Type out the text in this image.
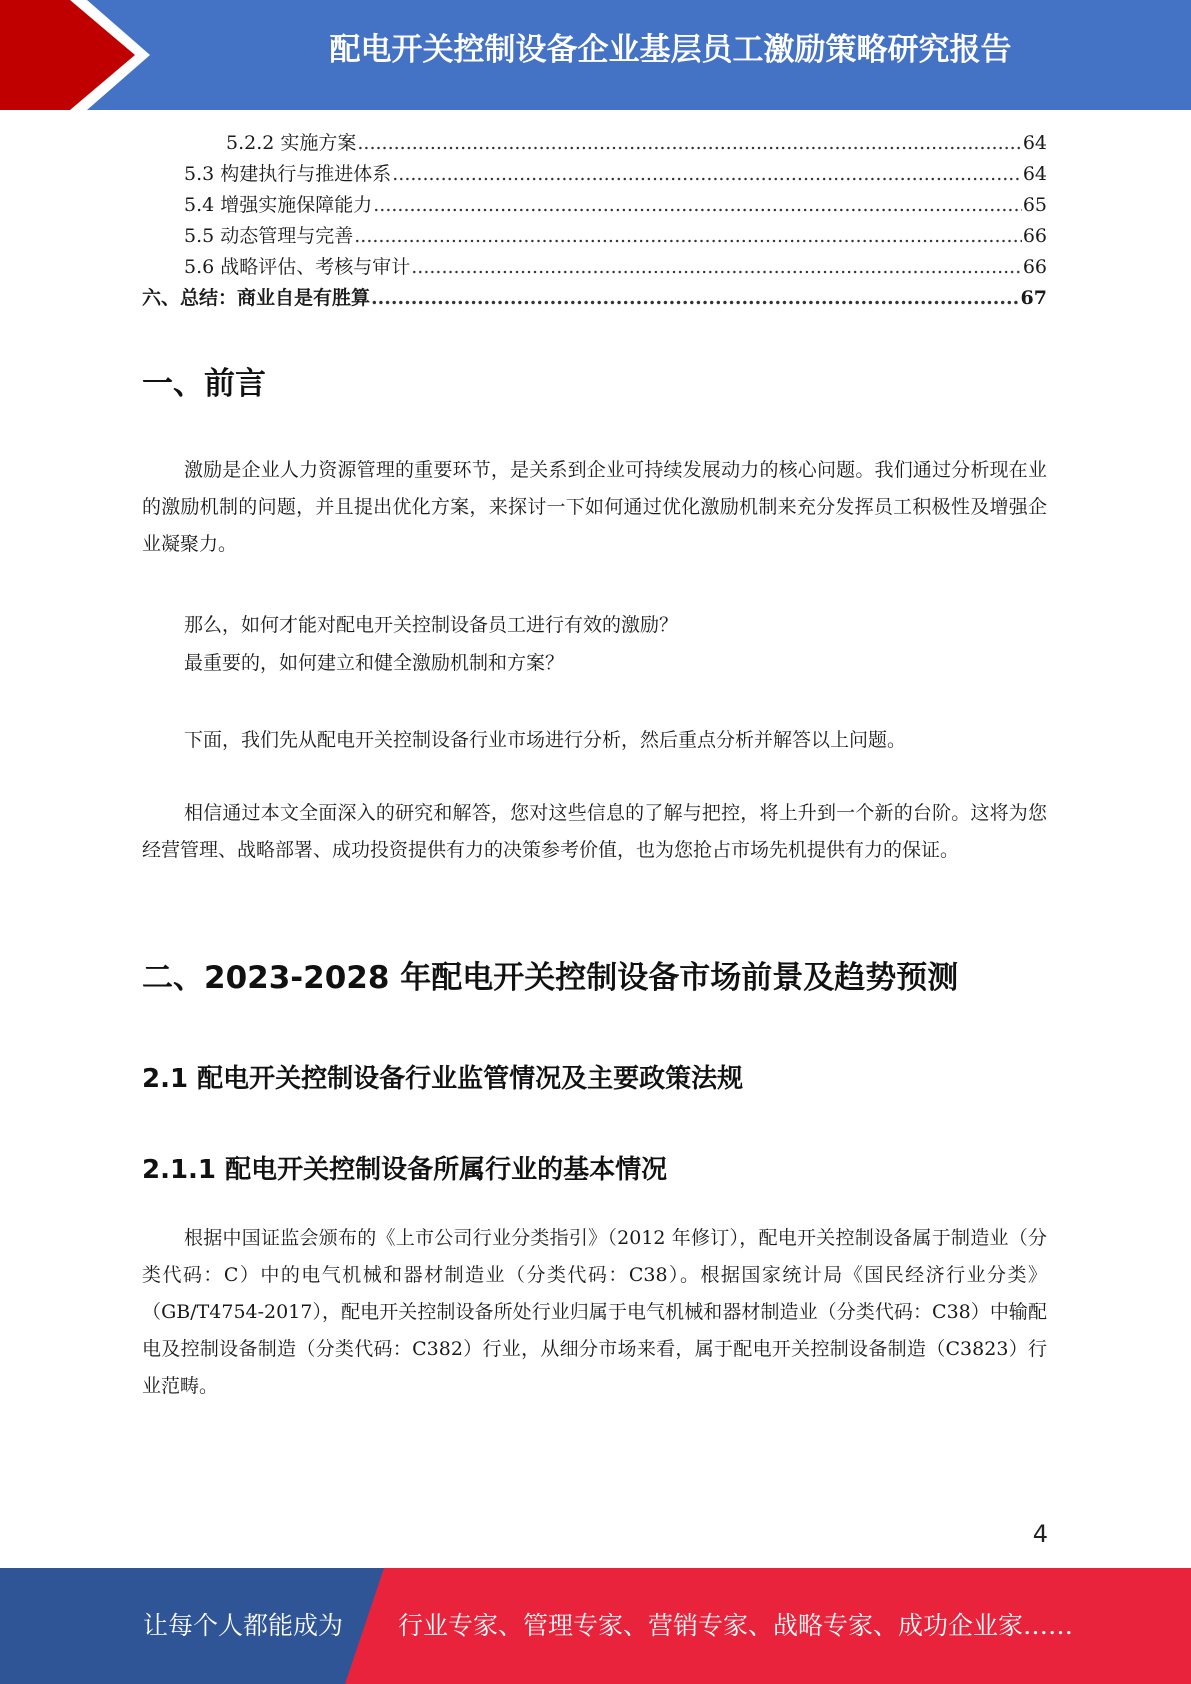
配电开关控制设备企业基层员工激励策略研究报告
5.2.2 实施方案 .....	64
5.3 构建执行与推进体系 .....	64
5.4 增强实施保障能力 .....	65
5.5 动态管理与完善 .....	66
5.6 战略评估、考核与审计 .....	66
六、总结：商业自是有胜算 .....	67
一、前言
激励是企业人力资源管理的重要环节，是关系到企业可持续发展动力的核心问题。我们通过分析现在业的激励机制的问题，并且提出优化方案，来探讨一下如何通过优化激励机制来充分发挥员工积极性及增强企业凝聚力。
那么，如何才能对配电开关控制设备员工进行有效的激励？
最重要的，如何建立和健全激励机制和方案？
下面，我们先从配电开关控制设备行业市场进行分析，然后重点分析并解答以上问题。
相信通过本文全面深入的研究和解答，您对这些信息的了解与把控，将上升到一个新的台阶。这将为您经营管理、战略部署、成功投资提供有力的决策参考价值，也为您抢占市场先机提供有力的保证。
二、2023-2028 年配电开关控制设备市场前景及趋势预测
2.1 配电开关控制设备行业监管情况及主要政策法规
2.1.1 配电开关控制设备所属行业的基本情况
根据中国证监会颁布的《上市公司行业分类指引》（2012 年修订），配电开关控制设备属于制造业（分类代码：C）中的电气机械和器材制造业（分类代码：C38）。根据国家统计局《国民经济行业分类》（GB/T4754-2017），配电开关控制设备所处行业归属于电气机械和器材制造业（分类代码：C38）中输配电及控制设备制造（分类代码：C382）行业，从细分市场来看，属于配电开关控制设备制造（C3823）行业范畴。
4
让每个人都能成为 行业专家、管理专家、营销专家、战略专家、成功企业家……
